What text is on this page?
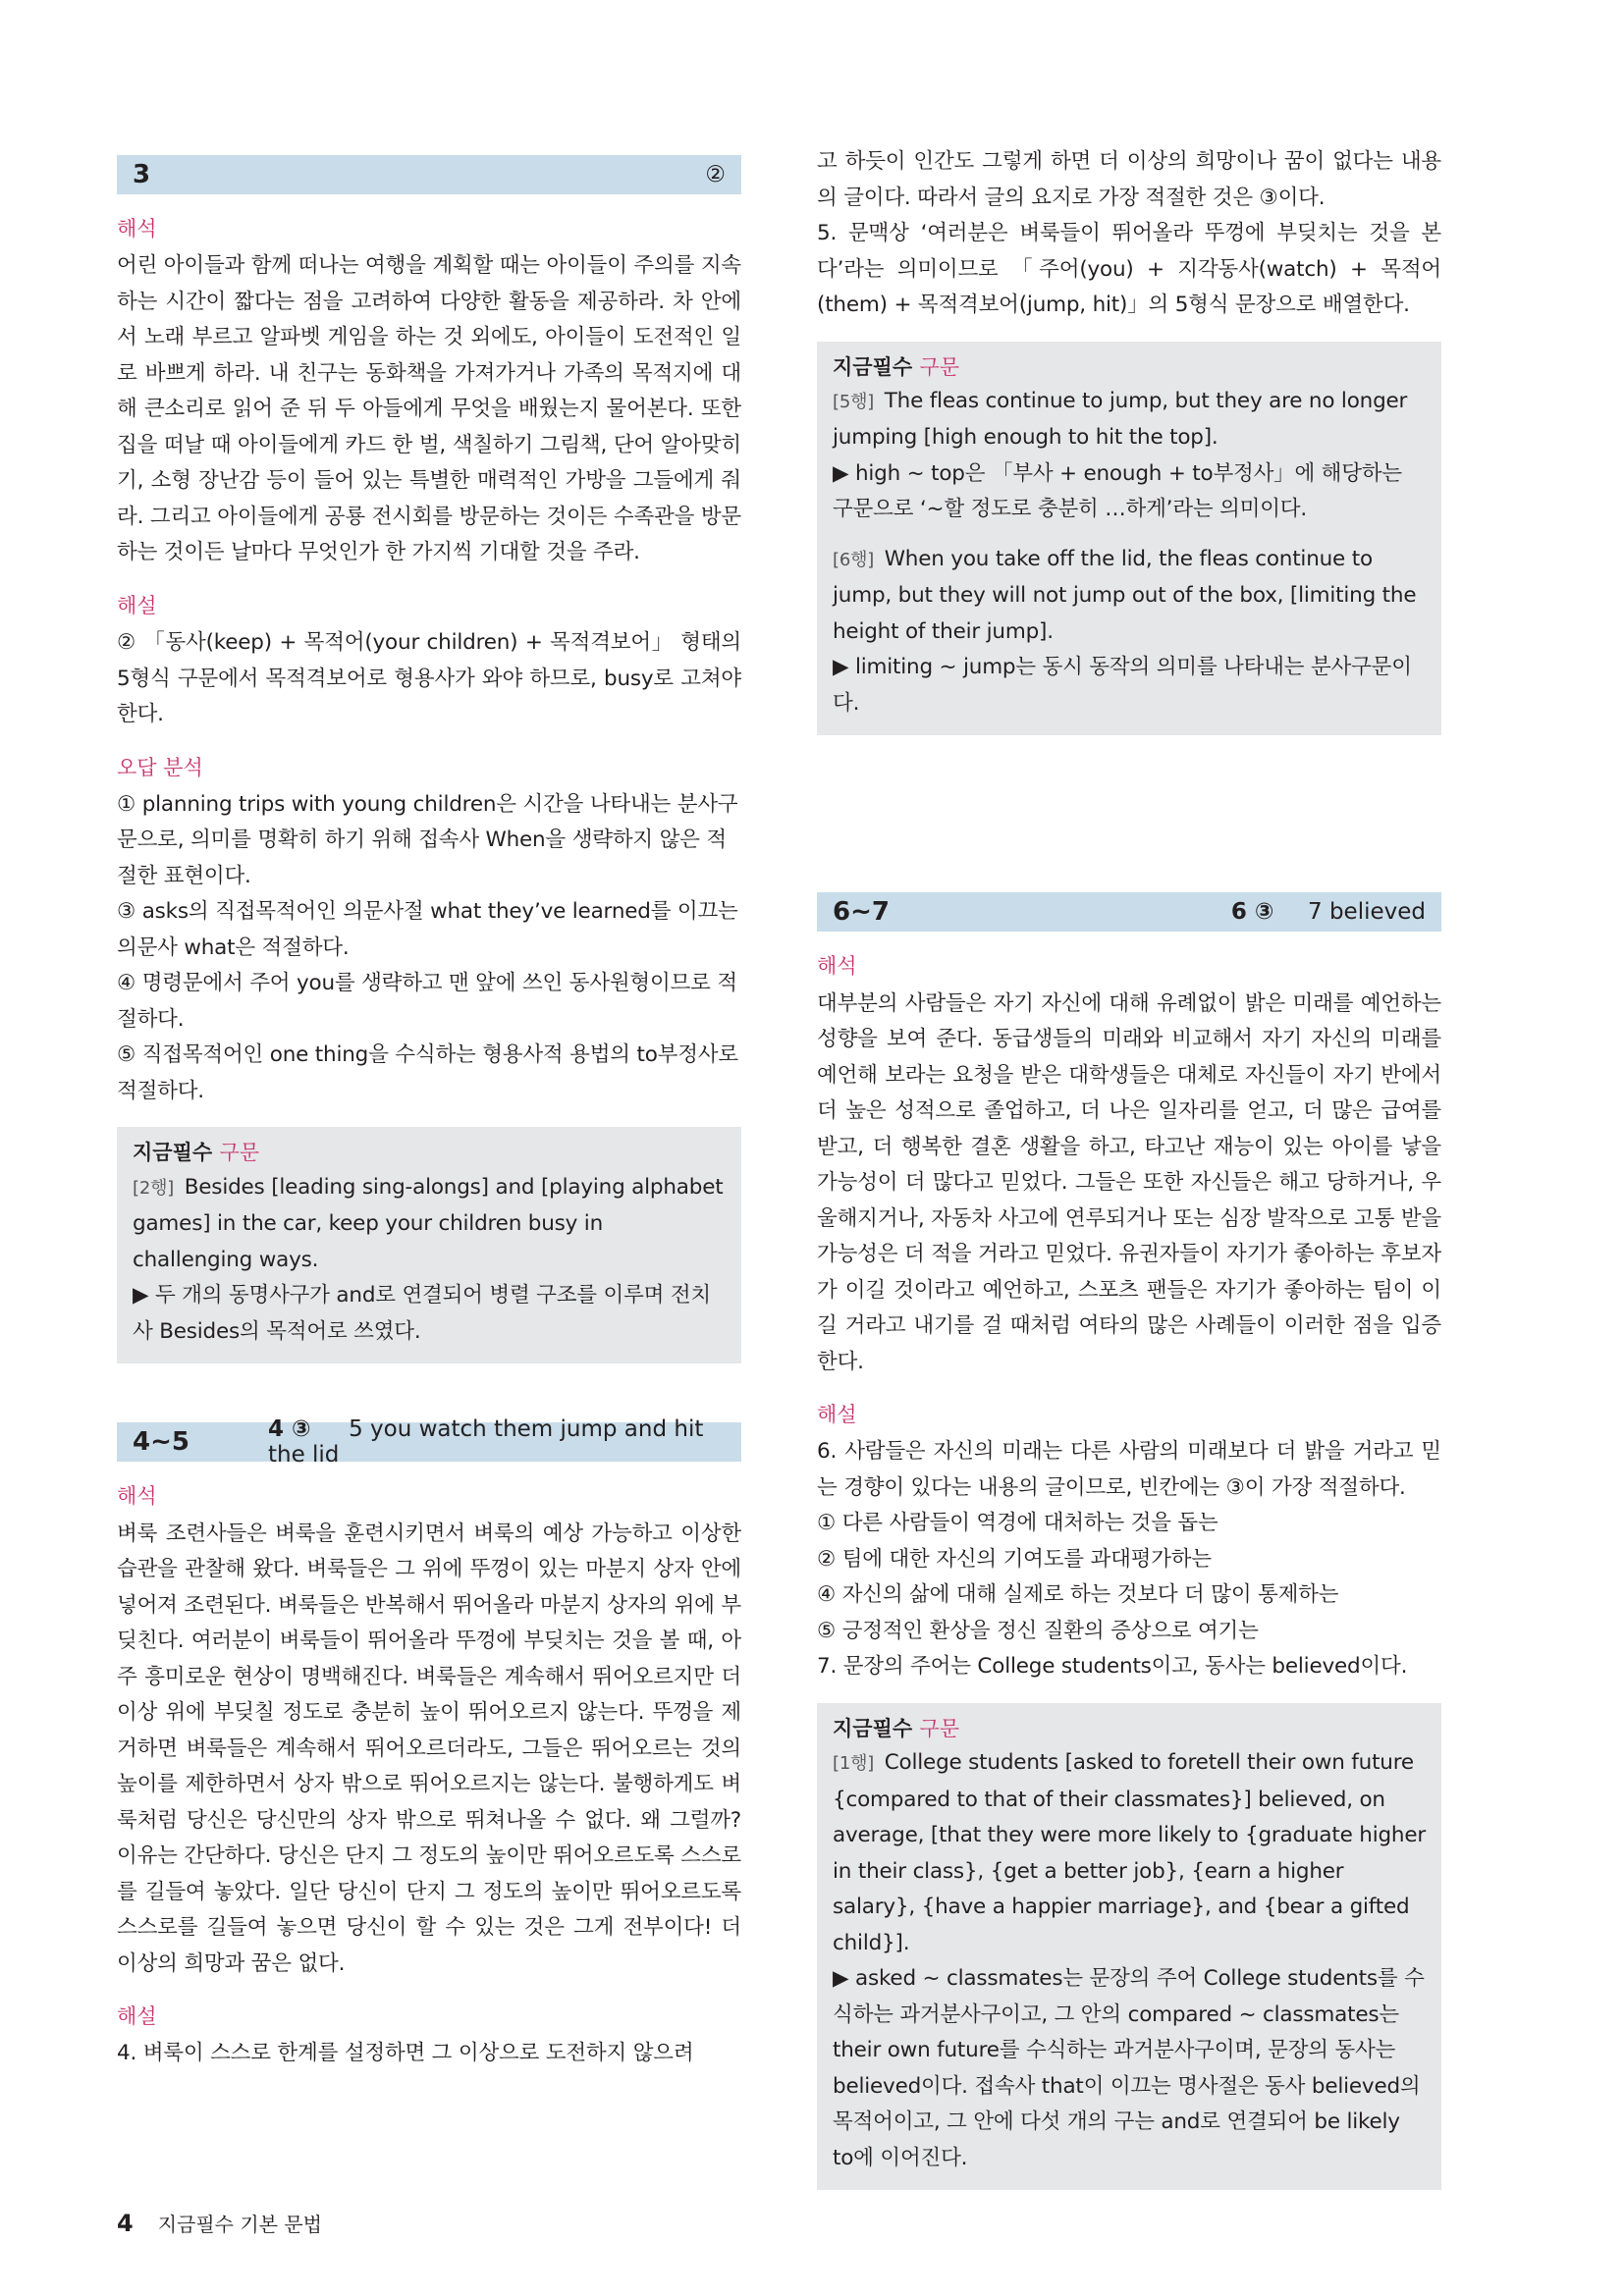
3	②
해석

어린 아이들과 함께 떠나는 여행을 계획할 때는 아이들이 주의를 지속하는 시간이 짧다는 점을 고려하여 다양한 활동을 제공하라. 차 안에서 노래 부르고 알파벳 게임을 하는 것 외에도, 아이들이 도전적인 일로 바쁘게 하라. 내 친구는 동화책을 가져가거나 가족의 목적지에 대해 큰소리로 읽어 준 뒤 두 아들에게 무엇을 배웠는지 물어본다. 또한 집을 떠날 때 아이들에게 카드 한 벌, 색칠하기 그림책, 단어 알아맞히기, 소형 장난감 등이 들어 있는 특별한 매력적인 가방을 그들에게 줘라. 그리고 아이들에게 공룡 전시회를 방문하는 것이든 수족관을 방문하는 것이든 날마다 무엇인가 한 가지씩 기대할 것을 주라.

해설

② 「동사(keep) + 목적어(your children) + 목적격보어」 형태의 5형식 구문에서 목적격보어로 형용사가 와야 하므로, busy로 고쳐야 한다.

오답 분석

① planning trips with young children은 시간을 나타내는 분사구문으로, 의미를 명확히 하기 위해 접속사 When을 생략하지 않은 적절한 표현이다.

③ asks의 직접목적어인 의문사절 what they’ve learned를 이끄는 의문사 what은 적절하다.

④ 명령문에서 주어 you를 생략하고 맨 앞에 쓰인 동사원형이므로 적절하다.

⑤ 직접목적어인 one thing을 수식하는 형용사적 용법의 to부정사로 적절하다.

지금필수 구문

[2행] Besides [leading sing-alongs] and [playing alphabet games] in the car, keep your children busy in challenging ways.

▶ 두 개의 동명사구가 and로 연결되어 병렬 구조를 이루며 전치사 Besides의 목적어로 쓰였다.

4~5	4 ③ 5 you watch them jump and hit the lid
해석

벼룩 조련사들은 벼룩을 훈련시키면서 벼룩의 예상 가능하고 이상한 습관을 관찰해 왔다. 벼룩들은 그 위에 뚜껑이 있는 마분지 상자 안에 넣어져 조련된다. 벼룩들은 반복해서 뛰어올라 마분지 상자의 위에 부딪친다. 여러분이 벼룩들이 뛰어올라 뚜껑에 부딪치는 것을 볼 때, 아주 흥미로운 현상이 명백해진다. 벼룩들은 계속해서 뛰어오르지만 더 이상 위에 부딪칠 정도로 충분히 높이 뛰어오르지 않는다. 뚜껑을 제거하면 벼룩들은 계속해서 뛰어오르더라도, 그들은 뛰어오르는 것의 높이를 제한하면서 상자 밖으로 뛰어오르지는 않는다. 불행하게도 벼룩처럼 당신은 당신만의 상자 밖으로 뛰쳐나올 수 없다. 왜 그럴까? 이유는 간단하다. 당신은 단지 그 정도의 높이만 뛰어오르도록 스스로를 길들여 놓았다. 일단 당신이 단지 그 정도의 높이만 뛰어오르도록 스스로를 길들여 놓으면 당신이 할 수 있는 것은 그게 전부이다! 더 이상의 희망과 꿈은 없다.

해설

4. 벼룩이 스스로 한계를 설정하면 그 이상으로 도전하지 않으려

고 하듯이 인간도 그렇게 하면 더 이상의 희망이나 꿈이 없다는 내용의 글이다. 따라서 글의 요지로 가장 적절한 것은 ③이다.

5. 문맥상 ‘여러분은 벼룩들이 뛰어올라 뚜껑에 부딪치는 것을 본다’라는 의미이므로 「주어(you) + 지각동사(watch) + 목적어(them) + 목적격보어(jump, hit)」의 5형식 문장으로 배열한다.

지금필수 구문

[5행] The fleas continue to jump, but they are no longer jumping [high enough to hit the top].

▶ high ~ top은 「부사 + enough + to부정사」에 해당하는 구문으로 ‘~할 정도로 충분히 …하게’라는 의미이다.

[6행] When you take off the lid, the fleas continue to jump, but they will not jump out of the box, [limiting the height of their jump].

▶ limiting ~ jump는 동시 동작의 의미를 나타내는 분사구문이다.

6~7	6 ③ 7 believed
해석

대부분의 사람들은 자기 자신에 대해 유례없이 밝은 미래를 예언하는 성향을 보여 준다. 동급생들의 미래와 비교해서 자기 자신의 미래를 예언해 보라는 요청을 받은 대학생들은 대체로 자신들이 자기 반에서 더 높은 성적으로 졸업하고, 더 나은 일자리를 얻고, 더 많은 급여를 받고, 더 행복한 결혼 생활을 하고, 타고난 재능이 있는 아이를 낳을 가능성이 더 많다고 믿었다. 그들은 또한 자신들은 해고 당하거나, 우울해지거나, 자동차 사고에 연루되거나 또는 심장 발작으로 고통 받을 가능성은 더 적을 거라고 믿었다. 유권자들이 자기가 좋아하는 후보자가 이길 것이라고 예언하고, 스포츠 팬들은 자기가 좋아하는 팀이 이길 거라고 내기를 걸 때처럼 여타의 많은 사례들이 이러한 점을 입증한다.

해설

6. 사람들은 자신의 미래는 다른 사람의 미래보다 더 밝을 거라고 믿는 경향이 있다는 내용의 글이므로, 빈칸에는 ③이 가장 적절하다.

① 다른 사람들이 역경에 대처하는 것을 돕는

② 팀에 대한 자신의 기여도를 과대평가하는

④ 자신의 삶에 대해 실제로 하는 것보다 더 많이 통제하는

⑤ 긍정적인 환상을 정신 질환의 증상으로 여기는

7. 문장의 주어는 College students이고, 동사는 believed이다.

지금필수 구문

[1행] College students [asked to foretell their own future {compared to that of their classmates}] believed, on average, [that they were more likely to {graduate higher in their class}, {get a better job}, {earn a higher salary}, {have a happier marriage}, and {bear a gifted child}].

▶ asked ~ classmates는 문장의 주어 College students를 수식하는 과거분사구이고, 그 안의 compared ~ classmates는 their own future를 수식하는 과거분사구이며, 문장의 동사는 believed이다. 접속사 that이 이끄는 명사절은 동사 believed의 목적어이고, 그 안에 다섯 개의 구는 and로 연결되어 be likely to에 이어진다.

4 지금필수 기본 문법
